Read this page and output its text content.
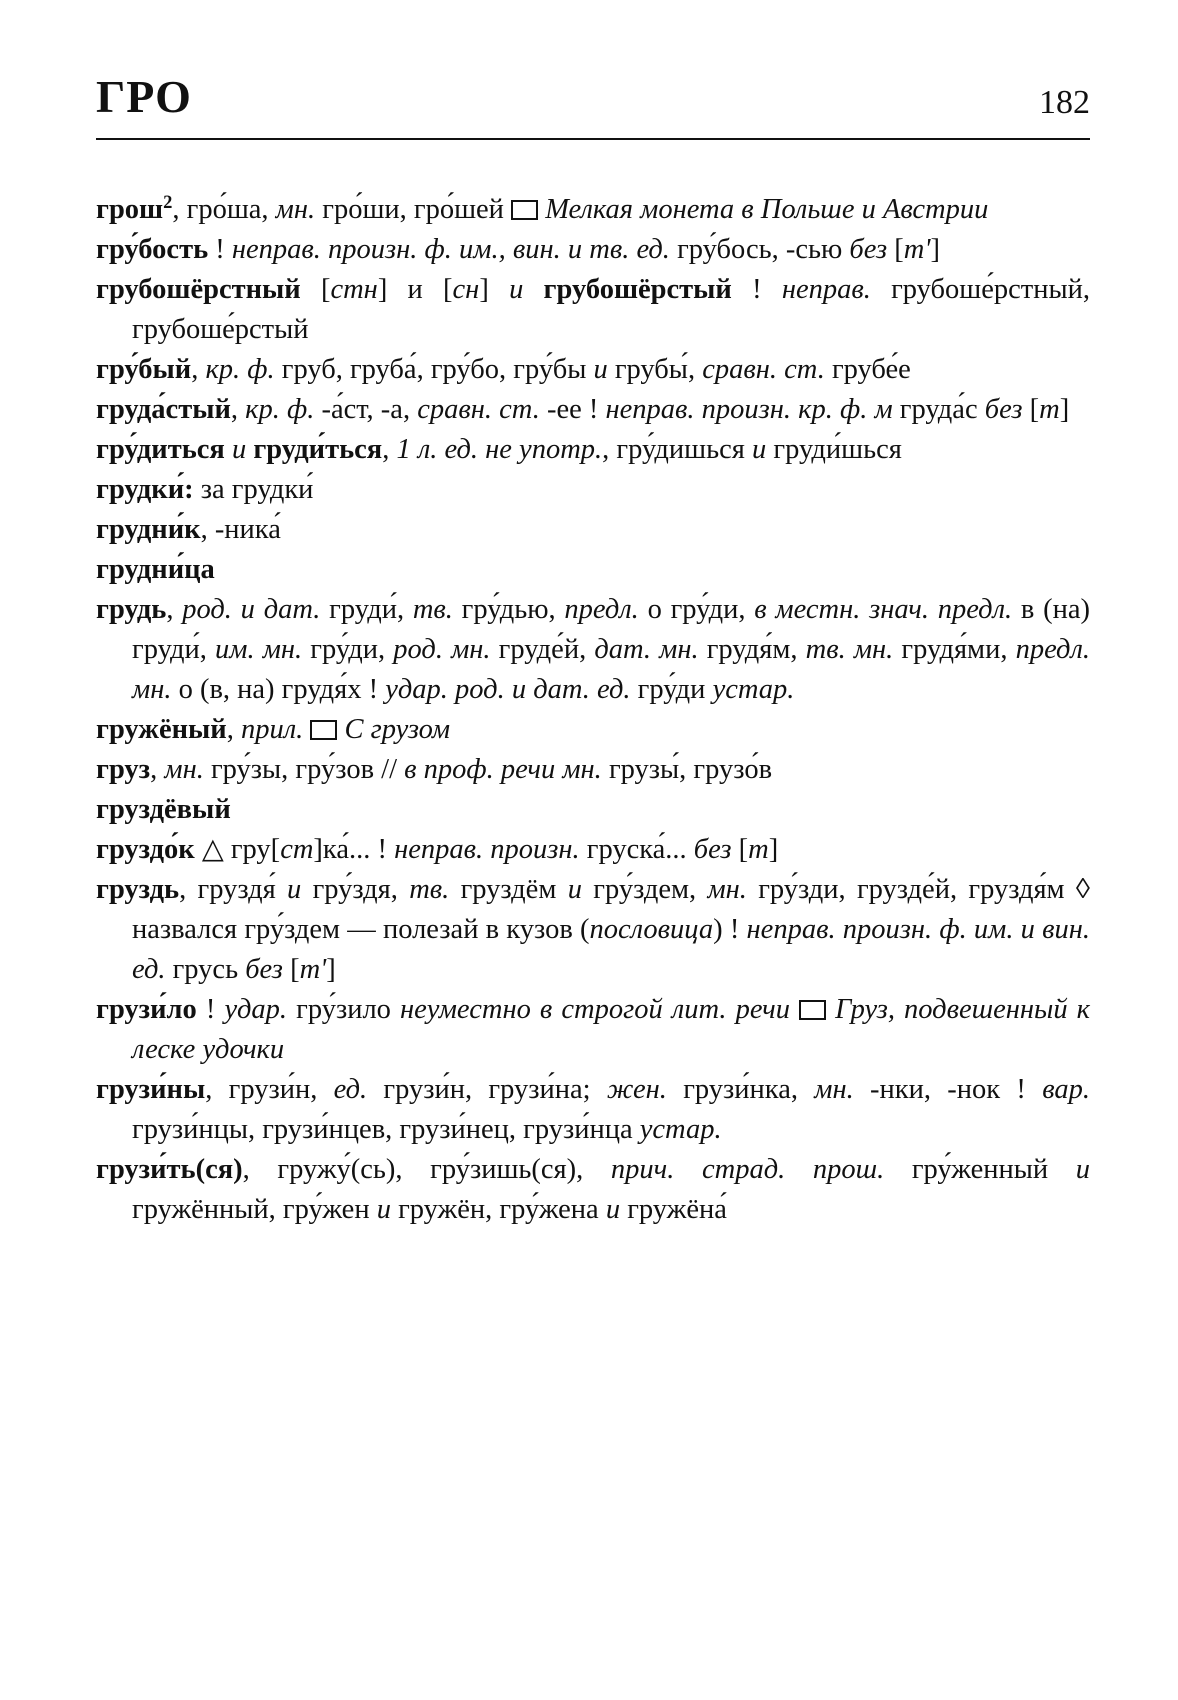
ГРО	182
грош$^2$, гро́ша, мн. гро́ши, гро́шей  Мелкая монета в Польше и Австрии
гру́бость ! неправ. произн. ф. им., вин. и тв. ед. гру́бось, -сью без [т']
грубошёрстный [стн] и [сн] и грубошёрстый ! неправ. грубоше́рстный, грубоше́рстый
гру́бый, кр. ф. груб, груба́, гру́бо, гру́бы и грубы́, сравн. ст. грубе́е
груда́стый, кр. ф. -а́ст, -а, сравн. ст. -ее ! неправ. произн. кр. ф. м груда́с без [т]
гру́диться и груди́ться, 1 л. ед. не употр., гру́дишься и груди́шься
грудки́: за грудки́
грудни́к, -ника́
грудни́ца
грудь, род. и дат. груди́, тв. гру́дью, предл. о гру́ди, в местн. знач. предл. в (на) груди́, им. мн. гру́ди, род. мн. груде́й, дат. мн. грудя́м, тв. мн. грудя́ми, предл. мн. о (в, на) грудя́х ! удар. род. и дат. ед. гру́ди устар.
гружёный, прил.  С грузом
груз, мн. гру́зы, гру́зов // в проф. речи мн. грузы́, грузо́в
груздёвый
груздо́к △ гру[ст]ка́... ! неправ. произн. груска́... без [т]
груздь, груздя́ и гру́здя, тв. груздём и гру́здем, мн. гру́зди, грузде́й, груздя́м ◊ назвался гру́здем — полезай в кузов (пословица) ! неправ. произн. ф. им. и вин. ед. грусь без [т']
грузи́ло ! удар. гру́зило неуместно в строгой лит. речи  Груз, подвешенный к леске удочки
грузи́ны, грузи́н, ед. грузи́н, грузи́на; жен. грузи́нка, мн. -нки, -нок ! вар. грузи́нцы, грузи́нцев, грузи́нец, грузи́нца устар.
грузи́ть(ся), гружу́(сь), гру́зишь(ся), прич. страд. прош. гру́женный и гружённый, гру́жен и гружён, гру́жена и гружёна́
